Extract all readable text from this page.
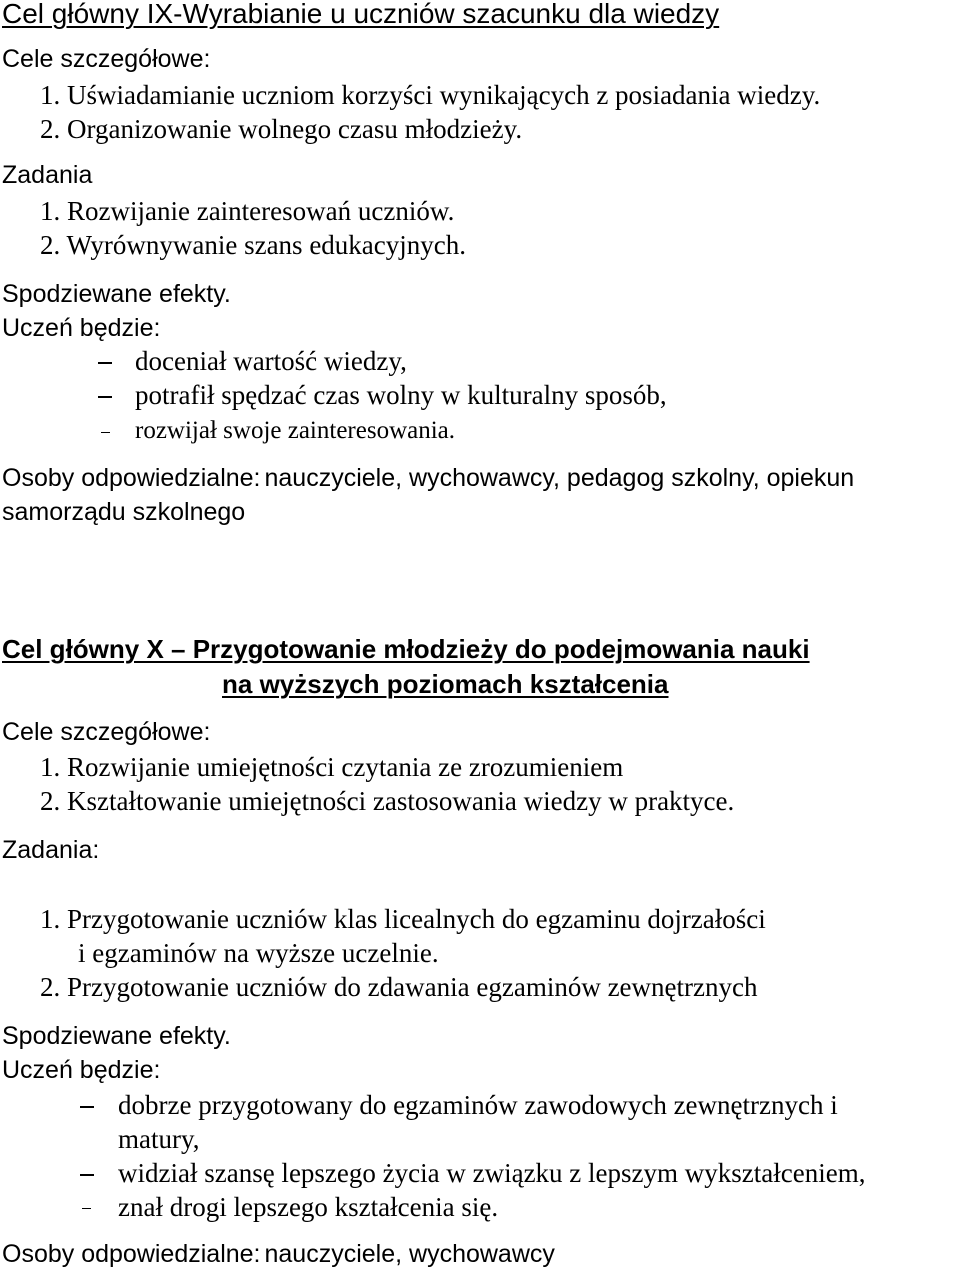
Cel główny IX-Wyrabianie u uczniów szacunku dla wiedzy
Cele szczegółowe:
1. Uświadamianie uczniom korzyści wynikających z posiadania wiedzy.
2. Organizowanie wolnego czasu młodzieży.
Zadania
1. Rozwijanie zainteresowań uczniów.
2. Wyrównywanie szans edukacyjnych.
Spodziewane efekty.
Uczeń będzie:
doceniał wartość wiedzy,
potrafił spędzać czas wolny w kulturalny sposób,
rozwijał swoje zainteresowania.
Osoby odpowiedzialne: nauczyciele, wychowawcy, pedagog szkolny, opiekun
samorządu szkolnego
Cel główny X – Przygotowanie młodzieży do podejmowania nauki
na wyższych poziomach kształcenia
Cele szczegółowe:
1. Rozwijanie umiejętności czytania ze zrozumieniem
2. Kształtowanie umiejętności zastosowania wiedzy w praktyce.
Zadania:
1. Przygotowanie uczniów klas licealnych do egzaminu dojrzałości
i egzaminów na wyższe uczelnie.
2. Przygotowanie uczniów do zdawania egzaminów zewnętrznych
Spodziewane efekty.
Uczeń będzie:
dobrze przygotowany do egzaminów zawodowych zewnętrznych i
matury,
widział szansę lepszego życia w związku z lepszym wykształceniem,
znał drogi lepszego kształcenia się.
Osoby odpowiedzialne: nauczyciele, wychowawcy
